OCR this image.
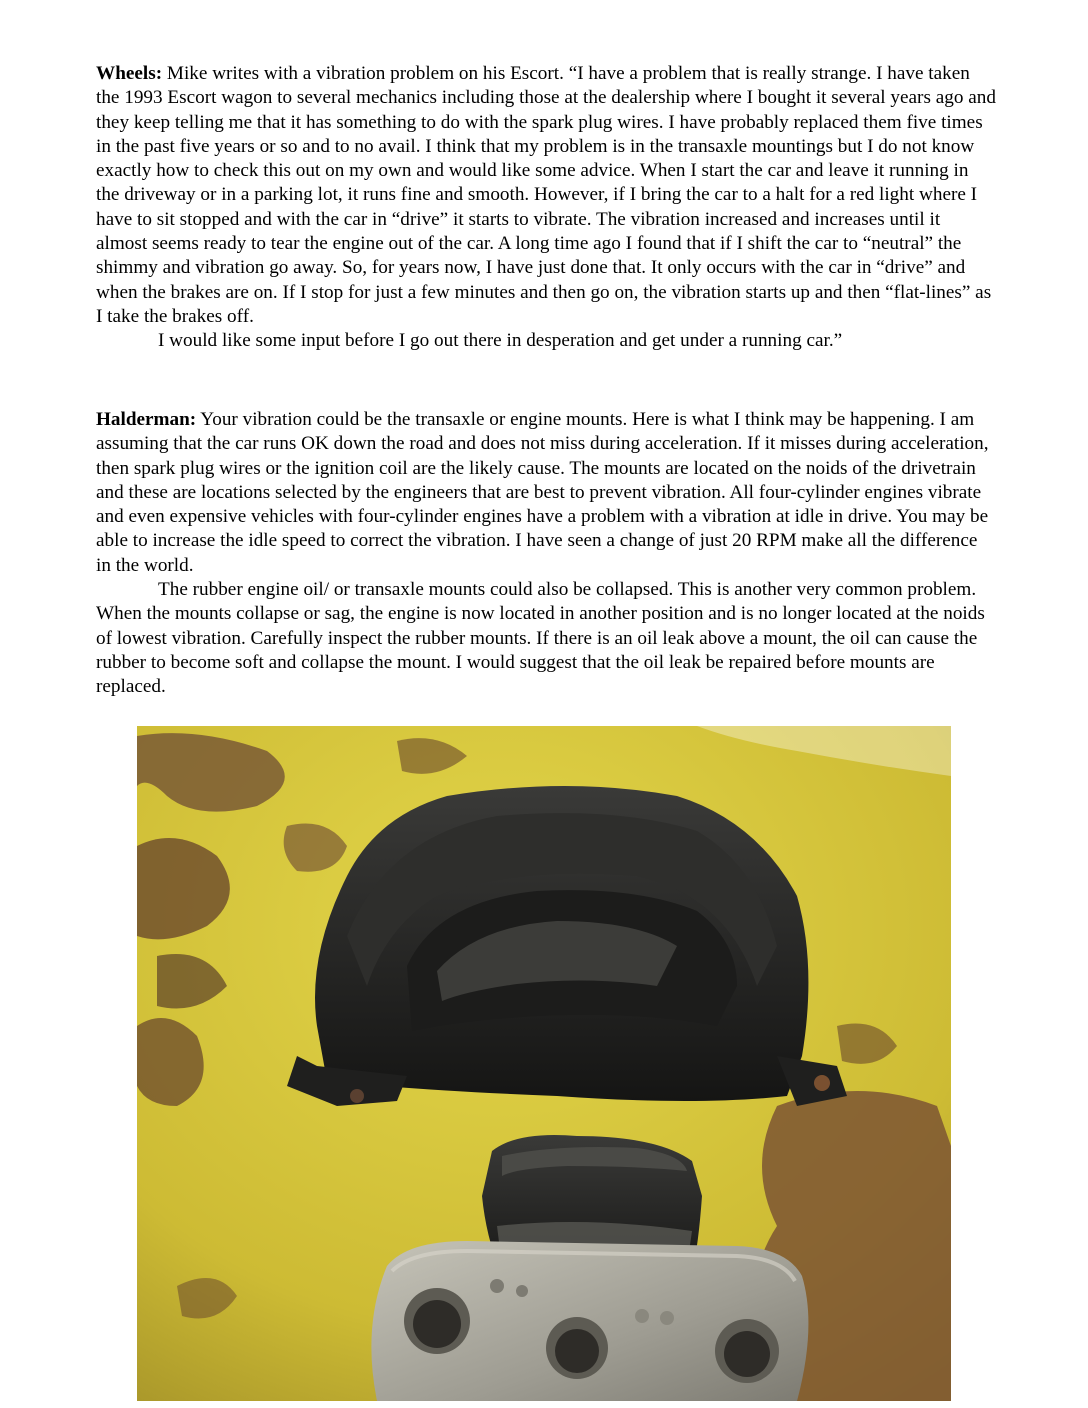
Wheels: Mike writes with a vibration problem on his Escort. “I have a problem that is really strange. I have taken the 1993 Escort wagon to several mechanics including those at the dealership where I bought it several years ago and they keep telling me that it has something to do with the spark plug wires. I have probably replaced them five times in the past five years or so and to no avail. I think that my problem is in the transaxle mountings but I do not know exactly how to check this out on my own and would like some advice. When I start the car and leave it running in the driveway or in a parking lot, it runs fine and smooth. However, if I bring the car to a halt for a red light where I have to sit stopped and with the car in “drive” it starts to vibrate. The vibration increased and increases until it almost seems ready to tear the engine out of the car. A long time ago I found that if I shift the car to “neutral” the shimmy and vibration go away. So, for years now, I have just done that. It only occurs with the car in “drive” and when the brakes are on. If I stop for just a few minutes and then go on, the vibration starts up and then “flat-lines” as I take the brakes off.

I would like some input before I go out there in desperation and get under a running car.”

Halderman: Your vibration could be the transaxle or engine mounts. Here is what I think may be happening. I am assuming that the car runs OK down the road and does not miss during acceleration. If it misses during acceleration, then spark plug wires or the ignition coil are the likely cause. The mounts are located on the noids of the drivetrain and these are locations selected by the engineers that are best to prevent vibration. All four-cylinder engines vibrate and even expensive vehicles with four-cylinder engines have a problem with a vibration at idle in drive. You may be able to increase the idle speed to correct the vibration. I have seen a change of just 20 RPM make all the difference in the world.

The rubber engine oil/ or transaxle mounts could also be collapsed. This is another very common problem. When the mounts collapse or sag, the engine is now located in another position and is no longer located at the noids of lowest vibration. Carefully inspect the rubber mounts. If there is an oil leak above a mount, the oil can cause the rubber to become soft and collapse the mount. I would suggest that the oil leak be repaired before mounts are replaced.
